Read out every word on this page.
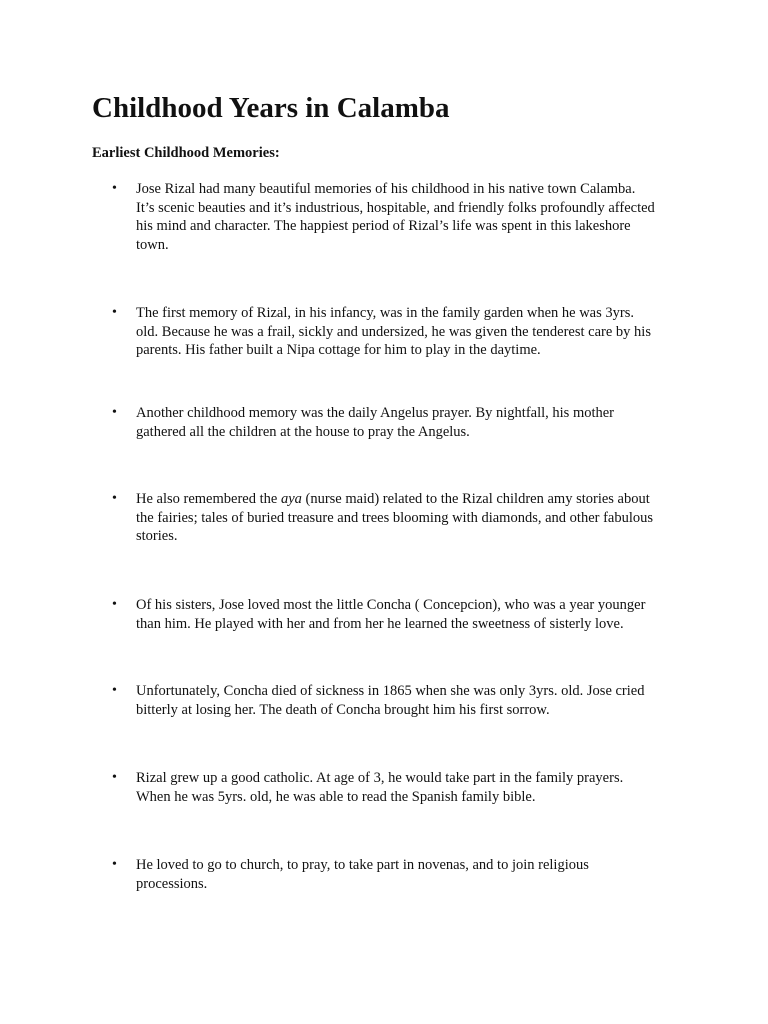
Childhood Years in Calamba
Earliest Childhood Memories:
•	Jose Rizal had many beautiful memories of his childhood in his native town Calamba.
It’s scenic beauties and it’s industrious, hospitable, and friendly folks profoundly affected
his mind and character. The happiest period of Rizal’s life was spent in this lakeshore
town.
•	The first memory of Rizal, in his infancy, was in the family garden when he was 3yrs.
old. Because he was a frail, sickly and undersized, he was given the tenderest care by his
parents. His father built a Nipa cottage for him to play in the daytime.
•	Another childhood memory was the daily Angelus prayer. By nightfall, his mother
gathered all the children at the house to pray the Angelus.
•	He also remembered the aya (nurse maid) related to the Rizal children amy stories about
the fairies; tales of buried treasure and trees blooming with diamonds, and other fabulous
stories.
•	Of his sisters, Jose loved most the little Concha ( Concepcion), who was a year younger
than him. He played with her and from her he learned the sweetness of sisterly love.
•	Unfortunately, Concha died of sickness in 1865 when she was only 3yrs. old. Jose cried
bitterly at losing her. The death of Concha brought him his first sorrow.
•	Rizal grew up a good catholic. At age of 3, he would take part in the family prayers.
When he was 5yrs. old, he was able to read the Spanish family bible.
•	He loved to go to church, to pray, to take part in novenas, and to join religious
processions.
